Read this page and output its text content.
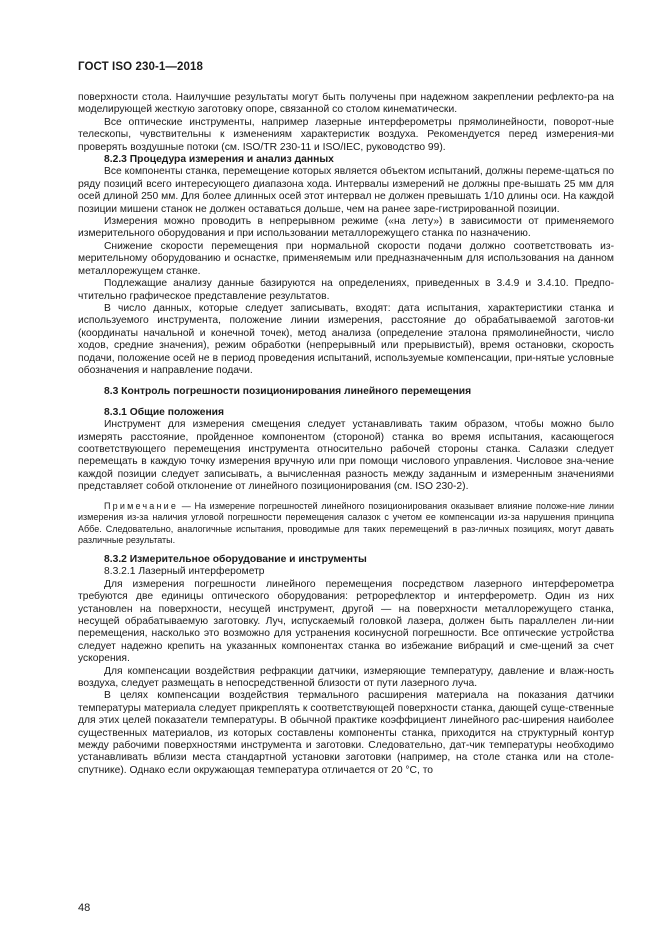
ГОСТ ISO 230-1—2018

поверхности стола. Наилучшие результаты могут быть получены при надежном закреплении рефлекто-ра на моделирующей жесткую заготовку опоре, связанной со столом кинематически.

Все оптические инструменты, например лазерные интерферометры прямолинейности, поворот-ные телескопы, чувствительны к изменениям характеристик воздуха. Рекомендуется перед измерения-ми проверять воздушные потоки (см. ISO/TR 230-11 и ISO/IEC, руководство 99).

8.2.3 Процедура измерения и анализ данных

Все компоненты станка, перемещение которых является объектом испытаний, должны переме-щаться по ряду позиций всего интересующего диапазона хода. Интервалы измерений не должны пре-вышать 25 мм для осей длиной 250 мм. Для более длинных осей этот интервал не должен превышать 1/10 длины оси. На каждой позиции мишени станок не должен оставаться дольше, чем на ранее заре-гистрированной позиции.

Измерения можно проводить в непрерывном режиме («на лету») в зависимости от применяемого измерительного оборудования и при использовании металлорежущего станка по назначению.

Снижение скорости перемещения при нормальной скорости подачи должно соответствовать из-мерительному оборудованию и оснастке, применяемым или предназначенным для использования на данном металлорежущем станке.

Подлежащие анализу данные базируются на определениях, приведенных в 3.4.9 и 3.4.10. Предпо-чтительно графическое представление результатов.

В число данных, которые следует записывать, входят: дата испытания, характеристики станка и используемого инструмента, положение линии измерения, расстояние до обрабатываемой заготов-ки (координаты начальной и конечной точек), метод анализа (определение эталона прямолинейности, число ходов, средние значения), режим обработки (непрерывный или прерывистый), время остановки, скорость подачи, положение осей не в период проведения испытаний, используемые компенсации, при-нятые условные обозначения и направление подачи.

8.3 Контроль погрешности позиционирования линейного перемещения

8.3.1 Общие положения

Инструмент для измерения смещения следует устанавливать таким образом, чтобы можно было измерять расстояние, пройденное компонентом (стороной) станка во время испытания, касающегося соответствующего перемещения инструмента относительно рабочей стороны станка. Салазки следует перемещать в каждую точку измерения вручную или при помощи числового управления. Числовое зна-чение каждой позиции следует записывать, а вычисленная разность между заданным и измеренным значениями представляет собой отклонение от линейного позиционирования (см. ISO 230-2).

Примечание — На измерение погрешностей линейного позиционирования оказывает влияние положе-ние линии измерения из-за наличия угловой погрешности перемещения салазок с учетом ее компенсации из-за нарушения принципа Аббе. Следовательно, аналогичные испытания, проводимые для таких перемещений в раз-личных позициях, могут давать различные результаты.

8.3.2 Измерительное оборудование и инструменты

8.3.2.1 Лазерный интерферометр

Для измерения погрешности линейного перемещения посредством лазерного интерферометра требуются две единицы оптического оборудования: ретрорефлектор и интерферометр. Один из них установлен на поверхности, несущей инструмент, другой — на поверхности металлорежущего станка, несущей обрабатываемую заготовку. Луч, испускаемый головкой лазера, должен быть параллелен ли-нии перемещения, насколько это возможно для устранения косинусной погрешности. Все оптические устройства следует надежно крепить на указанных компонентах станка во избежание вибраций и сме-щений за счет ускорения.

Для компенсации воздействия рефракции датчики, измеряющие температуру, давление и влаж-ность воздуха, следует размещать в непосредственной близости от пути лазерного луча.

В целях компенсации воздействия термального расширения материала на показания датчики температуры материала следует прикреплять к соответствующей поверхности станка, дающей суще-ственные для этих целей показатели температуры. В обычной практике коэффициент линейного рас-ширения наиболее существенных материалов, из которых составлены компоненты станка, приходится на структурный контур между рабочими поверхностями инструмента и заготовки. Следовательно, дат-чик температуры необходимо устанавливать вблизи места стандартной установки заготовки (например, на столе станка или на столе-спутнике). Однако если окружающая температура отличается от 20 °С, то

48
